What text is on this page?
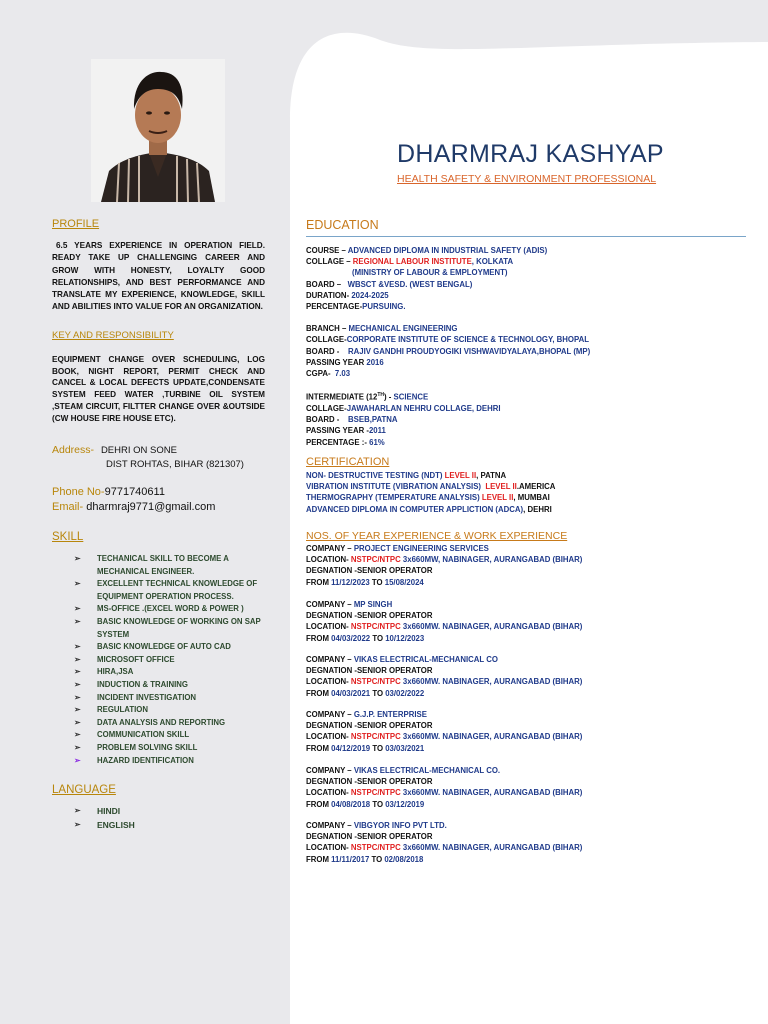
PROFILE
6.5 YEARS EXPERIENCE IN OPERATION FIELD. READY TAKE UP CHALLENGING CAREER AND GROW WITH HONESTY, LOYALTY GOOD RELATIONSHIPS, AND BEST PERFORMANCE AND TRANSLATE MY EXPERIENCE, KNOWLEDGE, SKILL AND ABILITIES INTO VALUE FOR AN ORGANIZATION.
KEY AND RESPONSIBILITY
EQUIPMENT CHANGE OVER SCHEDULING, LOG BOOK, NIGHT REPORT, PERMIT CHECK AND CANCEL & LOCAL DEFECTS UPDATE,CONDENSATE SYSTEM FEED WATER ,TURBINE OIL SYSTEM ,STEAM CIRCUIT, FILTTER CHANGE OVER &OUTSIDE (CW HOUSE FIRE HOUSE ETC).
Address- DEHRI ON SONE
DIST ROHTAS, BIHAR (821307)
Phone No-9771740611
Email- dharmraj9771@gmail.com
SKILL
➢ TECHANICAL SKILL TO BECOME A MECHANICAL ENGINEER.
➢ EXCELLENT TECHNICAL KNOWLEDGE OF EQUIPMENT OPERATION PROCESS.
➢ MS-OFFICE .(EXCEL WORD & POWER )
➢ BASIC KNOWLEDGE OF WORKING ON SAP SYSTEM
➢ BASIC KNOWLEDGE OF AUTO CAD
➢ MICROSOFT OFFICE
➢ HIRA,JSA
➢ INDUCTION & TRAINING
➢ INCIDENT INVESTIGATION
➢ REGULATION
➢ DATA ANALYSIS AND REPORTING
➢ COMMUNICATION SKILL
➢ PROBLEM SOLVING SKILL
➢ HAZARD IDENTIFICATION
LANGUAGE
➢ HINDI
➢ ENGLISH
DHARMRAJ KASHYAP
HEALTH SAFETY & ENVIRONMENT PROFESSIONAL
EDUCATION
COURSE – ADVANCED DIPLOMA IN INDUSTRIAL SAFETY (ADIS)
COLLAGE – REGIONAL LABOUR INSTITUTE, KOLKATA
(MINISTRY OF LABOUR & EMPLOYMENT)
BOARD – WBSCT &VESD. (WEST BENGAL)
DURATION- 2024-2025
PERCENTAGE-PURSUING.
BRANCH – MECHANICAL ENGINEERING
COLLAGE-CORPORATE INSTITUTE OF SCIENCE & TECHNOLOGY, BHOPAL
BOARD - RAJIV GANDHI PROUDYOGIKI VISHWAVIDYALAYA,BHOPAL (MP)
PASSING YEAR 2016
CGPA- 7.03
INTERMEDIATE (12TH) - SCIENCE
COLLAGE-JAWAHARLAN NEHRU COLLAGE, DEHRI
BOARD - BSEB,PATNA
PASSING YEAR -2011
PERCENTAGE :- 61%
CERTIFICATION
NON- DESTRUCTIVE TESTING (NDT) LEVEL II, PATNA
VIBRATION INSTITUTE (VIBRATION ANALYSIS) LEVEL II.AMERICA
THERMOGRAPHY (TEMPERATURE ANALYSIS) LEVEL II, MUMBAI
ADVANCED DIPLOMA IN COMPUTER APPLICTION (ADCA), DEHRI
NOS. OF YEAR EXPERIENCE & WORK EXPERIENCE
COMPANY – PROJECT ENGINEERING SERVICES
LOCATION- NSTPC/NTPC 3x660MW, NABINAGER, AURANGABAD (BIHAR)
DEGNATION -SENIOR OPERATOR
FROM 11/12/2023 TO 15/08/2024
COMPANY – MP SINGH
DEGNATION -SENIOR OPERATOR
LOCATION- NSTPC/NTPC 3x660MW. NABINAGER, AURANGABAD (BIHAR)
FROM 04/03/2022 TO 10/12/2023
COMPANY – VIKAS ELECTRICAL-MECHANICAL CO
DEGNATION -SENIOR OPERATOR
LOCATION- NSTPC/NTPC 3x660MW. NABINAGER, AURANGABAD (BIHAR)
FROM 04/03/2021 TO 03/02/2022
COMPANY – G.J.P. ENTERPRISE
DEGNATION -SENIOR OPERATOR
LOCATION- NSTPC/NTPC 3x660MW. NABINAGER, AURANGABAD (BIHAR)
FROM 04/12/2019 TO 03/03/2021
COMPANY – VIKAS ELECTRICAL-MECHANICAL CO.
DEGNATION -SENIOR OPERATOR
LOCATION- NSTPC/NTPC 3x660MW. NABINAGER, AURANGABAD (BIHAR)
FROM 04/08/2018 TO 03/12/2019
COMPANY – VIBGYOR INFO PVT LTD.
DEGNATION -SENIOR OPERATOR
LOCATION- NSTPC/NTPC 3x660MW. NABINAGER, AURANGABAD (BIHAR)
FROM 11/11/2017 TO 02/08/2018
